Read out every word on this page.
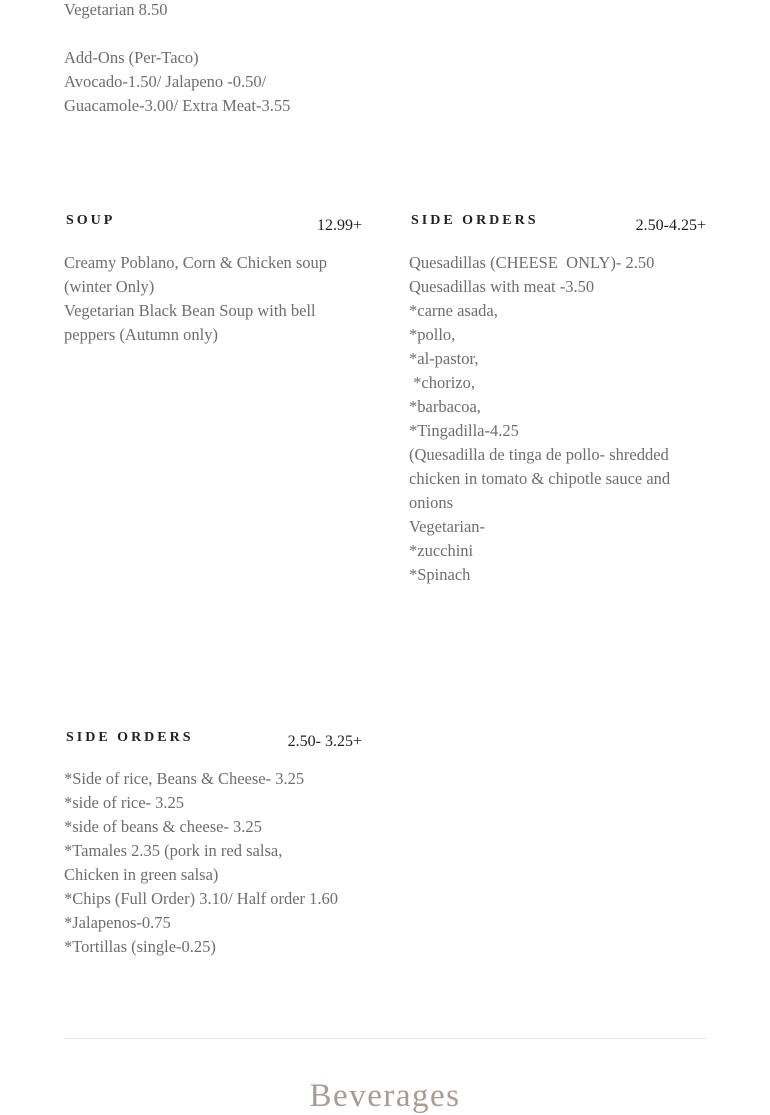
Vegetarian 8.50
Add-Ons (Per-Taco)
Avocado-1.50/ Jalapeno -0.50/
Guacamole-3.00/ Extra Meat-3.55
SOUP	12.99+
Creamy Poblano, Corn & Chicken soup
(winter Only)
Vegetarian Black Bean Soup with bell
peppers (Autumn only)
SIDE ORDERS	2.50-4.25+
Quesadillas (CHEESE  ONLY)- 2.50
Quesadillas with meat -3.50
*carne asada,
*pollo,
*al-pastor,
*chorizo,
*barbacoa,
*Tingadilla-4.25
(Quesadilla de tinga de pollo- shredded
chicken in tomato & chipotle sauce and
onions
Vegetarian-
*zucchini
*Spinach
SIDE ORDERS	2.50- 3.25+
*Side of rice, Beans & Cheese- 3.25
*side of rice- 3.25
*side of beans & cheese- 3.25
*Tamales 2.35 (pork in red salsa,
Chicken in green salsa)
*Chips (Full Order) 3.10/ Half order 1.60
*Jalapenos-0.75
*Tortillas (single-0.25)
Beverages
